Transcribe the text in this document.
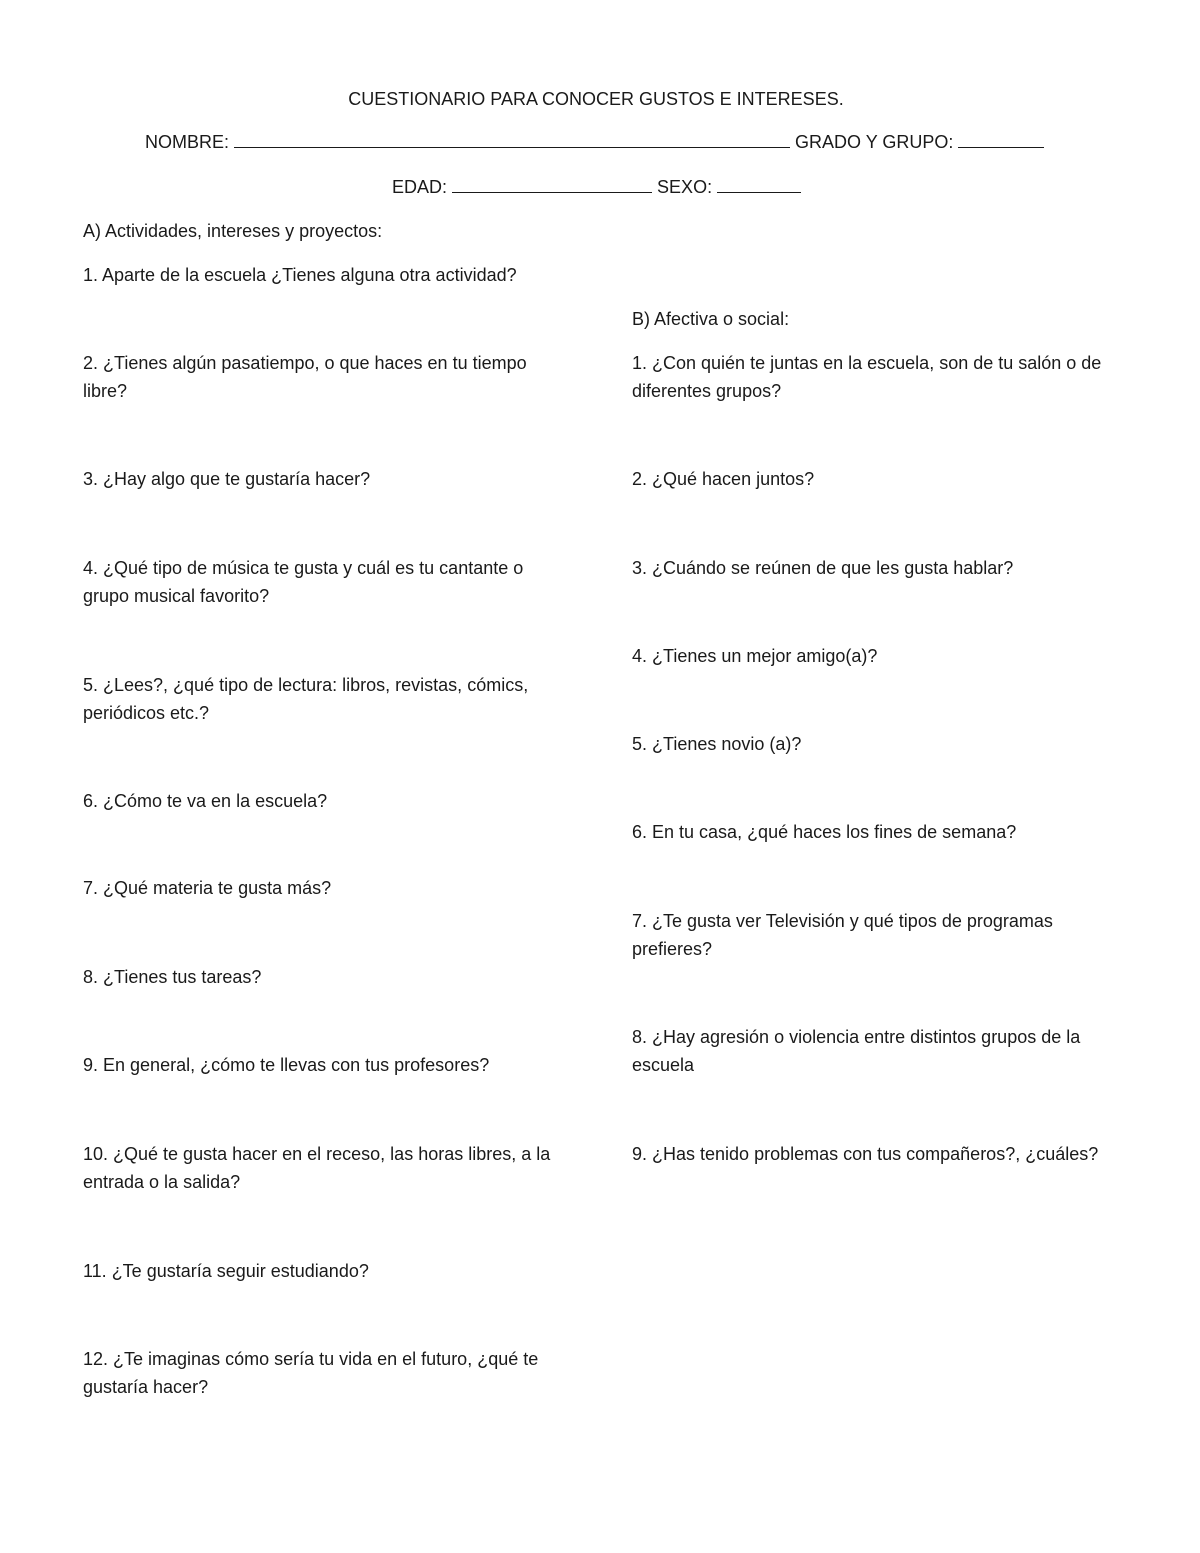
CUESTIONARIO PARA CONOCER GUSTOS E INTERESES.

NOMBRE:	GRADO Y GRUPO:
EDAD:	SEXO:

A) Actividades, intereses y proyectos:

1. Aparte de la escuela ¿Tienes alguna otra actividad?

2. ¿Tienes algún pasatiempo, o que haces en tu tiempo libre?

3. ¿Hay algo que te gustaría hacer?

4. ¿Qué tipo de música te gusta y cuál es tu cantante o grupo musical favorito?

5. ¿Lees?, ¿qué tipo de lectura: libros, revistas, cómics, periódicos etc.?

6. ¿Cómo te va en la escuela?

7. ¿Qué materia te gusta más?

8. ¿Tienes tus tareas?

9. En general, ¿cómo te llevas con tus profesores?

10. ¿Qué te gusta hacer en el receso, las horas libres, a la entrada o la salida?

11. ¿Te gustaría seguir estudiando?

12. ¿Te imaginas cómo sería tu vida en el futuro, ¿qué te gustaría hacer?

B) Afectiva o social:

1. ¿Con quién te juntas en la escuela, son de tu salón o de diferentes grupos?

2. ¿Qué hacen juntos?

3. ¿Cuándo se reúnen de que les gusta hablar?

4. ¿Tienes un mejor amigo(a)?

5. ¿Tienes novio (a)?

6. En tu casa, ¿qué haces los fines de semana?

7. ¿Te gusta ver Televisión y qué tipos de programas prefieres?

8. ¿Hay agresión o violencia entre distintos grupos de la escuela

9. ¿Has tenido problemas con tus compañeros?, ¿cuáles?
